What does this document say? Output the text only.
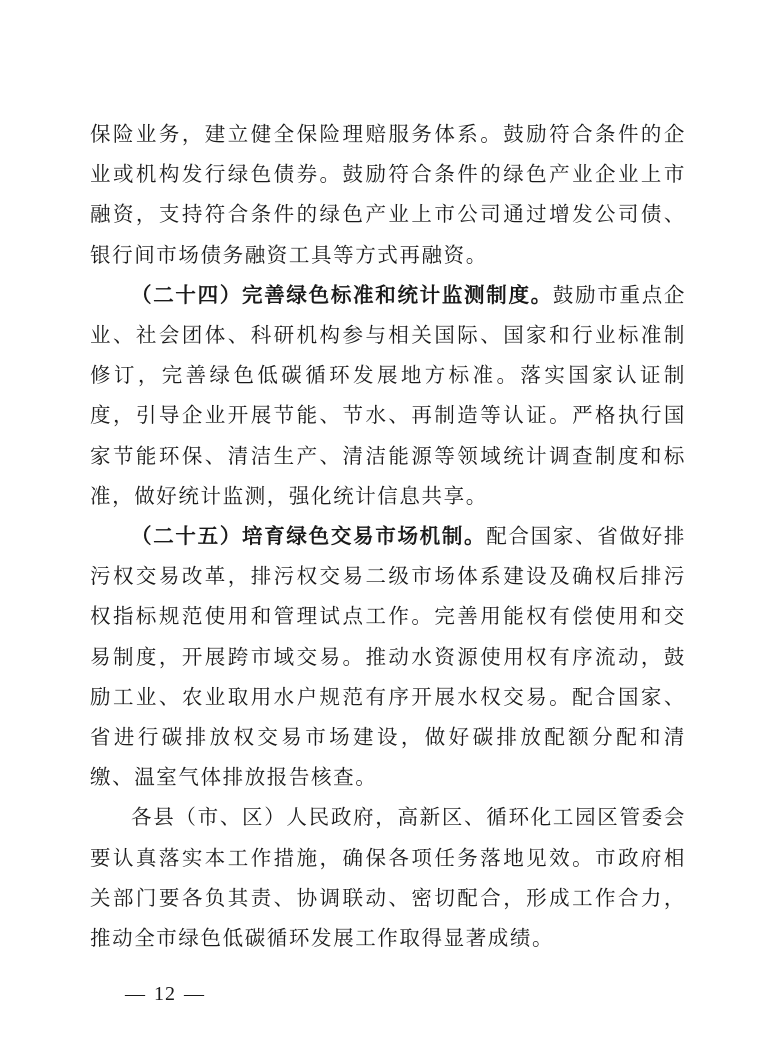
保险业务，建立健全保险理赔服务体系。鼓励符合条件的企业或机构发行绿色债券。鼓励符合条件的绿色产业企业上市融资，支持符合条件的绿色产业上市公司通过增发公司债、银行间市场债务融资工具等方式再融资。

（二十四）完善绿色标准和统计监测制度。鼓励市重点企业、社会团体、科研机构参与相关国际、国家和行业标准制修订，完善绿色低碳循环发展地方标准。落实国家认证制度，引导企业开展节能、节水、再制造等认证。严格执行国家节能环保、清洁生产、清洁能源等领域统计调查制度和标准，做好统计监测，强化统计信息共享。

（二十五）培育绿色交易市场机制。配合国家、省做好排污权交易改革，排污权交易二级市场体系建设及确权后排污权指标规范使用和管理试点工作。完善用能权有偿使用和交易制度，开展跨市域交易。推动水资源使用权有序流动，鼓励工业、农业取用水户规范有序开展水权交易。配合国家、省进行碳排放权交易市场建设，做好碳排放配额分配和清缴、温室气体排放报告核查。

各县（市、区）人民政府，高新区、循环化工园区管委会要认真落实本工作措施，确保各项任务落地见效。市政府相关部门要各负其责、协调联动、密切配合，形成工作合力，推动全市绿色低碳循环发展工作取得显著成绩。

— 12 —
